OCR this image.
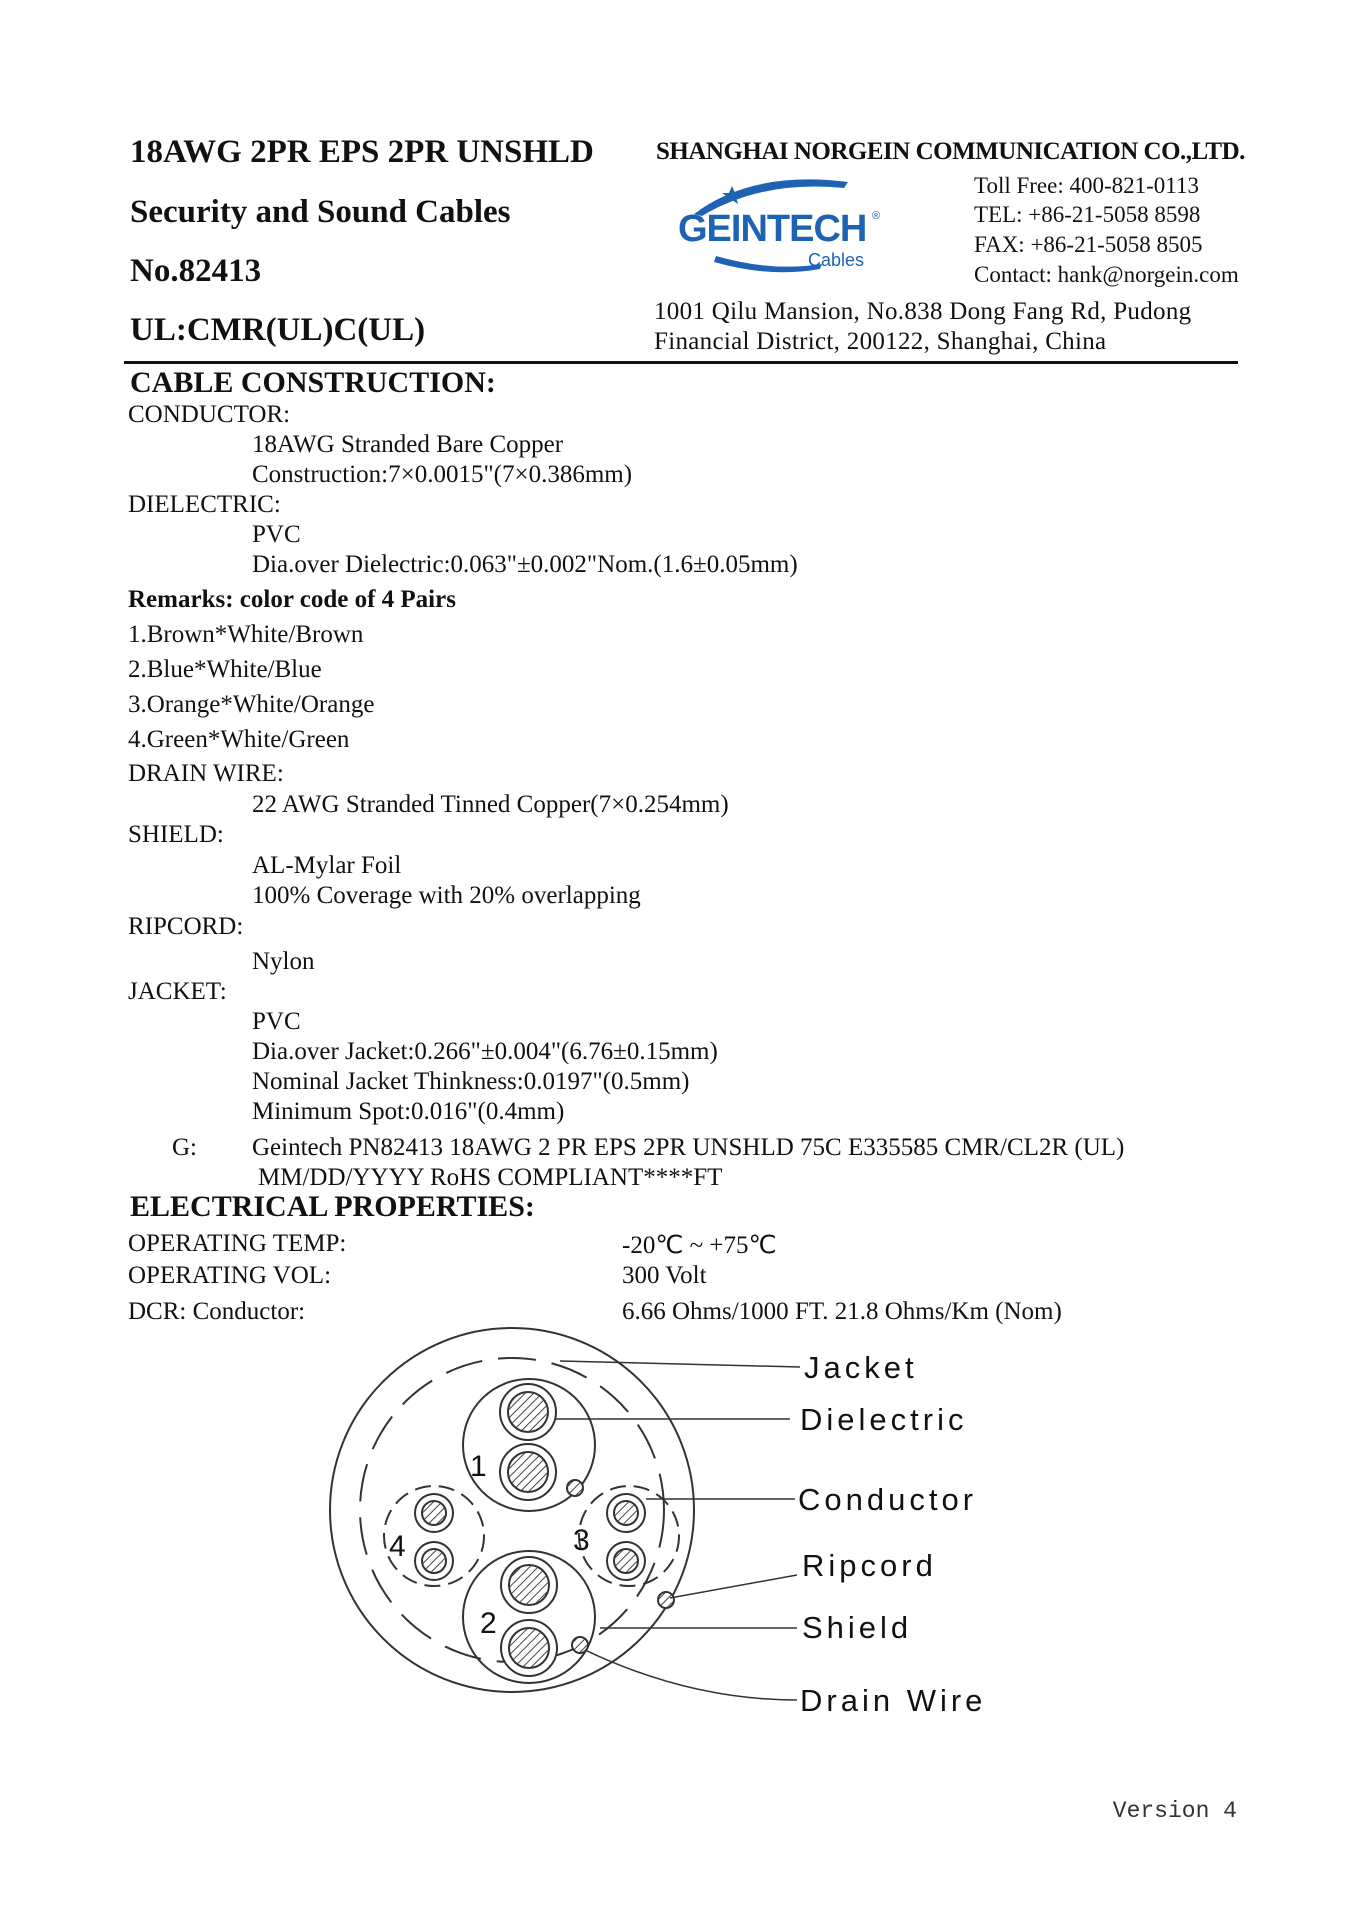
18AWG 2PR EPS 2PR UNSHLD
Security and Sound Cables
No.82413
UL:CMR(UL)C(UL)
SHANGHAI NORGEIN COMMUNICATION CO.,LTD.
GEINTECH ®
Cables
Toll Free: 400-821-0113
TEL: +86-21-5058 8598
FAX: +86-21-5058 8505
Contact: hank@norgein.com
1001 Qilu Mansion, No.838 Dong Fang Rd, Pudong
Financial District, 200122, Shanghai, China
CABLE CONSTRUCTION:
CONDUCTOR:
18AWG Stranded Bare Copper
Construction:7×0.0015"(7×0.386mm)
DIELECTRIC:
PVC
Dia.over Dielectric:0.063"±0.002"Nom.(1.6±0.05mm)
Remarks: color code of 4 Pairs
1.Brown*White/Brown
2.Blue*White/Blue
3.Orange*White/Orange
4.Green*White/Green
DRAIN WIRE:
22 AWG Stranded Tinned Copper(7×0.254mm)
SHIELD:
AL-Mylar Foil
100% Coverage with 20% overlapping
RIPCORD:
Nylon
JACKET:
PVC
Dia.over Jacket:0.266"±0.004"(6.76±0.15mm)
Nominal Jacket Thinkness:0.0197"(0.5mm)
Minimum Spot:0.016"(0.4mm)
G: Geintech PN82413 18AWG 2 PR EPS 2PR UNSHLD 75C E335585 CMR/CL2R (UL)
MM/DD/YYYY RoHS COMPLIANT****FT
ELECTRICAL PROPERTIES:
OPERATING TEMP:	-20℃ ~ +75℃
OPERATING VOL:	300 Volt
DCR: Conductor:	6.66 Ohms/1000 FT. 21.8 Ohms/Km (Nom)
Jacket
Dielectric
Conductor
Ripcord
Shield
Drain Wire
1
2
3
4
Version 4
